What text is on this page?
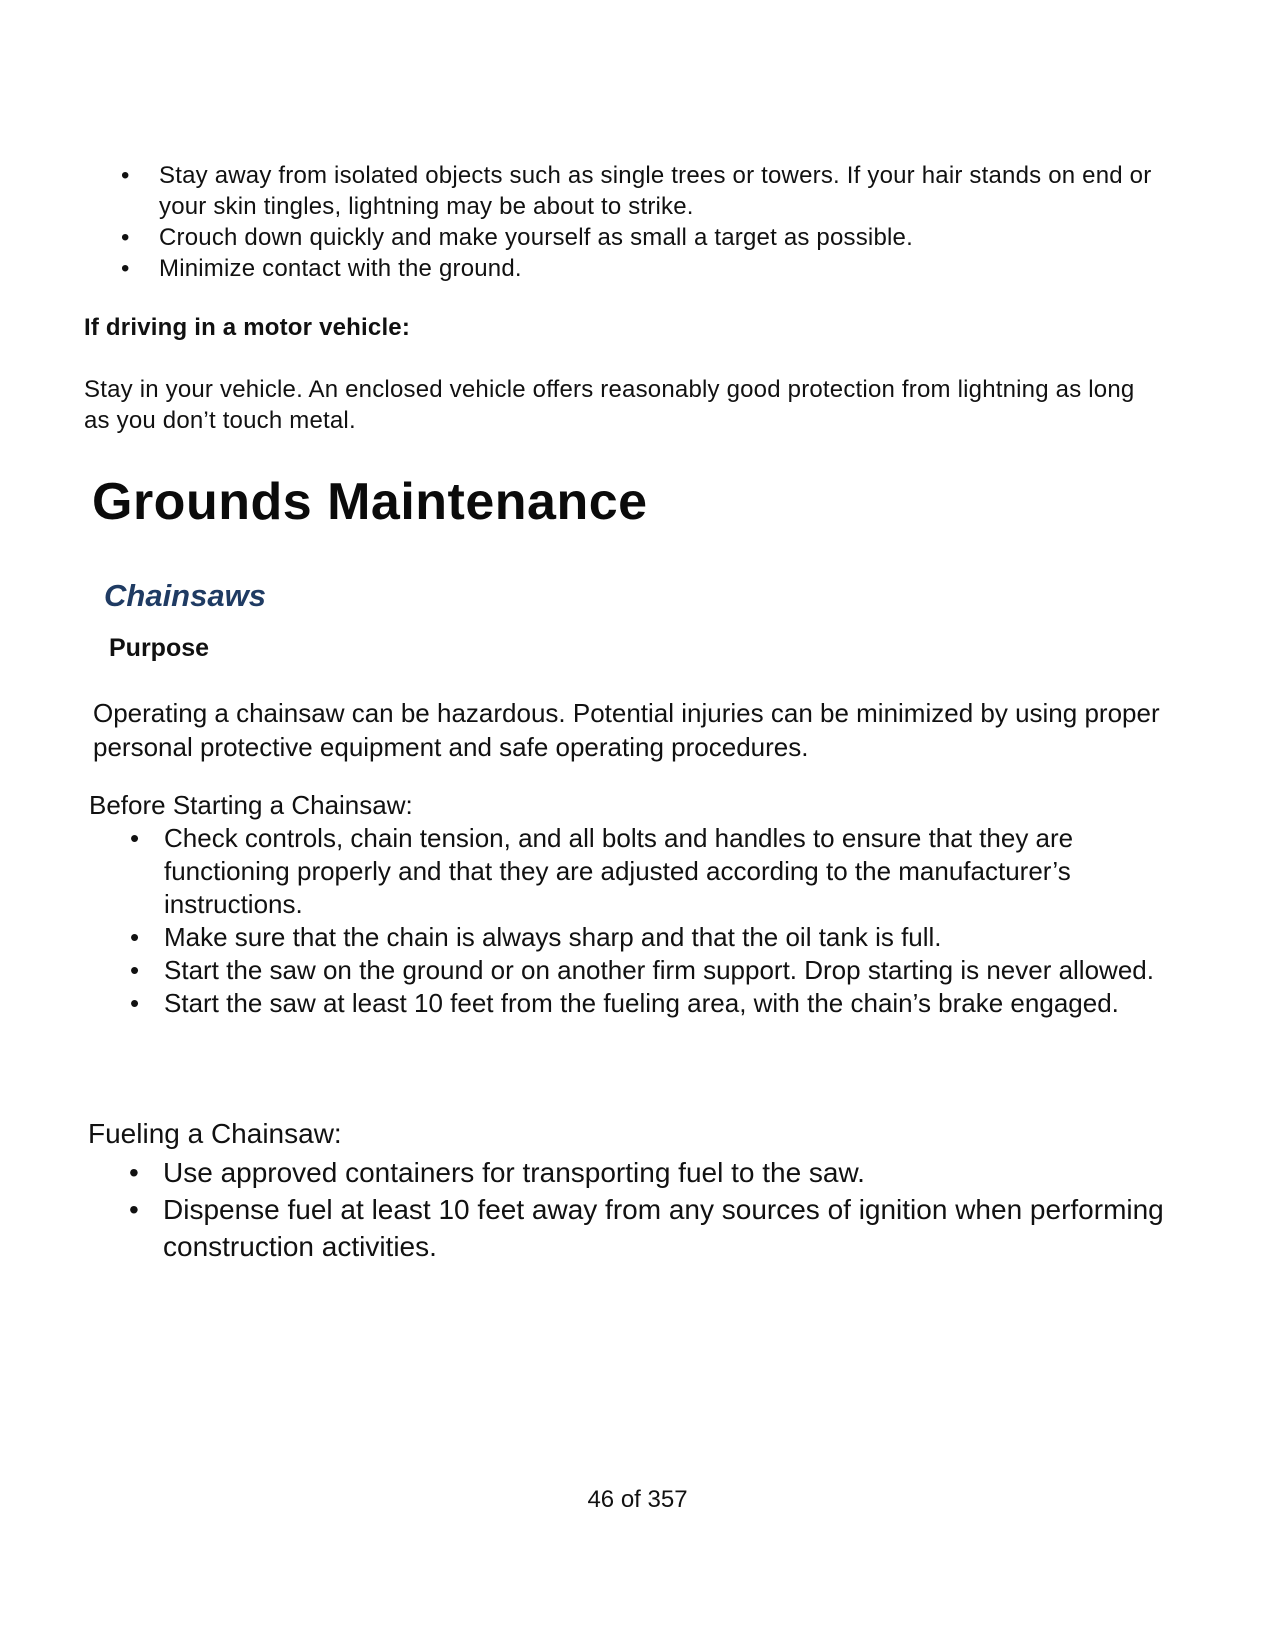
• Stay away from isolated objects such as single trees or towers. If your hair stands on end or your skin tingles, lightning may be about to strike.
• Crouch down quickly and make yourself as small a target as possible.
• Minimize contact with the ground.
If driving in a motor vehicle:
Stay in your vehicle. An enclosed vehicle offers reasonably good protection from lightning as long as you don’t touch metal.
Grounds Maintenance
Chainsaws
Purpose
Operating a chainsaw can be hazardous. Potential injuries can be minimized by using proper personal protective equipment and safe operating procedures.
Before Starting a Chainsaw:
• Check controls, chain tension, and all bolts and handles to ensure that they are functioning properly and that they are adjusted according to the manufacturer’s instructions.
• Make sure that the chain is always sharp and that the oil tank is full.
• Start the saw on the ground or on another firm support. Drop starting is never allowed.
• Start the saw at least 10 feet from the fueling area, with the chain’s brake engaged.
Fueling a Chainsaw:
• Use approved containers for transporting fuel to the saw.
• Dispense fuel at least 10 feet away from any sources of ignition when performing construction activities.
46 of 357
